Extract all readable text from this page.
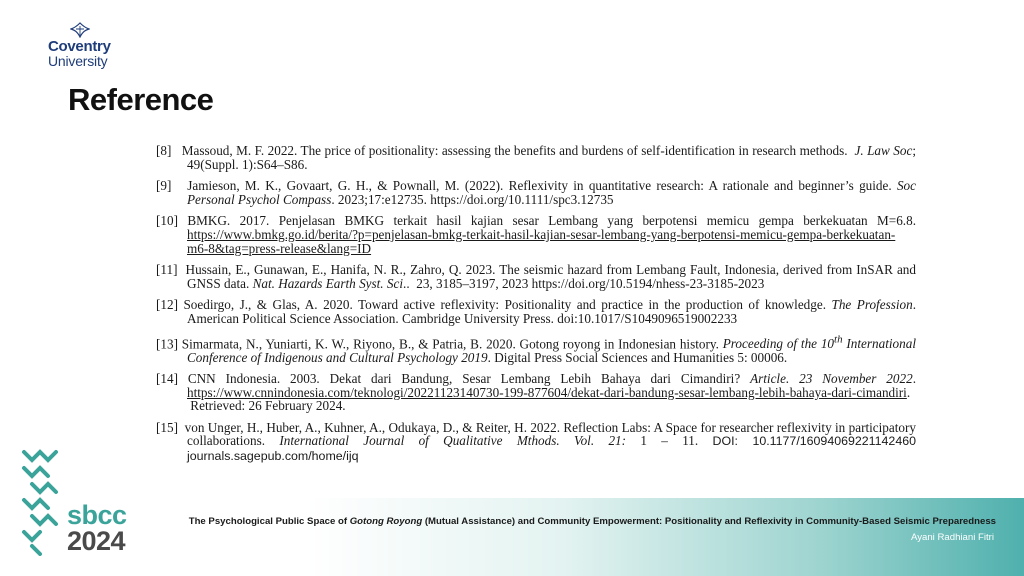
Coventry
University
Reference

[8]   Massoud, M. F. 2022. The price of positionality: assessing the benefits and burdens of self-identification in research methods.  J. Law Soc; 49(Suppl. 1):S64–S86.

[9]   Jamieson, M. K., Govaart, G. H., & Pownall, M. (2022). Reflexivity in quantitative research: A rationale and beginner’s guide. Soc Personal Psychol Compass. 2023;17:e12735. https://doi.org/10.1111/spc3.12735

[10] BMKG. 2017. Penjelasan BMKG terkait hasil kajian sesar Lembang yang berpotensi memicu gempa berkekuatan M=6.8. https://www.bmkg.go.id/berita/?p=penjelasan-bmkg-terkait-hasil-kajian-sesar-lembang-yang-berpotensi-memicu-gempa-berkekuatan-m6-8&tag=press-release&lang=ID

[11]  Hussain, E., Gunawan, E., Hanifa, N. R., Zahro, Q. 2023. The seismic hazard from Lembang Fault, Indonesia, derived from InSAR and GNSS data. Nat. Hazards Earth Syst. Sci..  23, 3185–3197, 2023 https://doi.org/10.5194/nhess-23-3185-2023

[12] Soedirgo, J., & Glas, A. 2020. Toward active reflexivity: Positionality and practice in the production of knowledge. The Profession. American Political Science Association. Cambridge University Press. doi:10.1017/S1049096519002233

[13] Simarmata, N., Yuniarti, K. W., Riyono, B., & Patria, B. 2020. Gotong royong in Indonesian history. Proceeding of the 10th International Conference of Indigenous and Cultural Psychology 2019. Digital Press Social Sciences and Humanities 5: 00006.

[14] CNN Indonesia. 2003. Dekat dari Bandung, Sesar Lembang Lebih Bahaya dari Cimandiri? Article. 23 November 2022. https://www.cnnindonesia.com/teknologi/20221123140730-199-877604/dekat-dari-bandung-sesar-lembang-lebih-bahaya-dari-cimandiri.  Retrieved: 26 February 2024.

[15]  von Unger, H., Huber, A., Kuhner, A., Odukaya, D., & Reiter, H. 2022. Reflection Labs: A Space for researcher reflexivity in participatory collaborations. International Journal of Qualitative Mthods. Vol. 21: 1 – 11. DOI: 10.1177/16094069221142460 journals.sagepub.com/home/ijq

sbcc
2024
The Psychological Public Space of Gotong Royong (Mutual Assistance) and Community Empowerment: Positionality and Reflexivity in Community-Based Seismic Preparedness
Ayani Radhiani Fitri
